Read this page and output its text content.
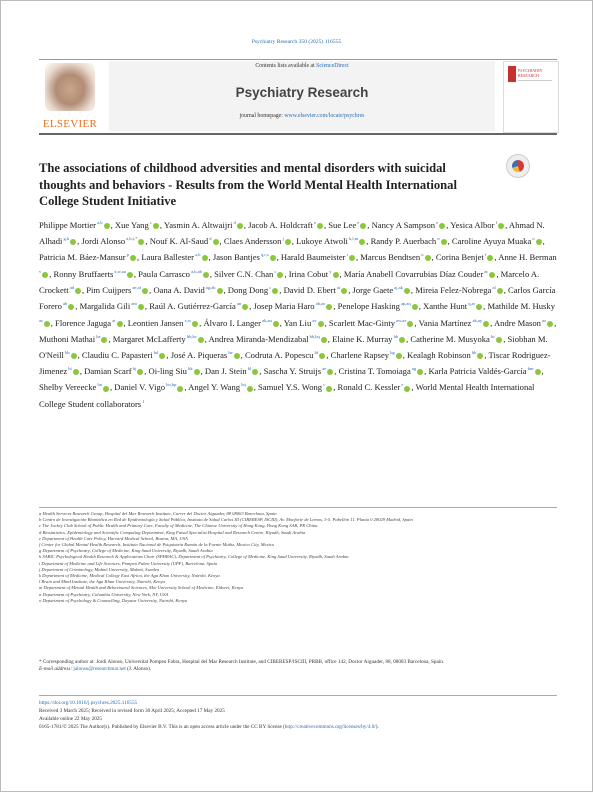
Psychiatry Research 350 (2025) 116555
ELSEVIER
Contents lists available at ScienceDirect
Psychiatry Research
journal homepage: www.elsevier.com/locate/psychres
PSYCHIATRY RESEARCH
The associations of childhood adversities and mental disorders with suicidal thoughts and behaviors - Results from the World Mental Health International College Student Initiative

Philippe Mortier $^{a,b}$ , Xue Yang $^c$ , Yasmin A. Altwaijri $^d$ , Jacob A. Holdcraft $^e$ , Sue Lee $^e$ , Nancy A Sampson $^e$ , Yesica Albor $^f$ , Ahmad N. Alhadi $^{g,h}$ , Jordi Alonso $^{a,b,i,*}$ , Nouf K. Al-Saud $^d$ , Claes Andersson $^j$ , Lukoye Atwoli $^{k,l,m}$ , Randy P. Auerbach $^n$ , Caroline Ayuya Muaka $^o$ , Patricia M. Báez-Mansur $^p$ , Laura Ballester $^{a,b}$ , Jason Bantjes $^{q,r,s}$ , Harald Baumeister $^t$ , Marcus Bendtsen $^u$ , Corina Benjet $^f$ , Anne H. Berman $^v$ , Ronny Bruffaerts $^{x,w,aa}$ , Paula Carrasco $^{a,b,ab}$ , Silver C.N. Chan $^c$ , Irina Cobut $^y$ , María Anabell Covarrubias Díaz Couder $^{ac}$ , Marcelo A. Crockett $^{ad}$ , Pim Cuijpers $^{ae,af}$ , Oana A. David $^{ag,ah}$ , Dong Dong $^c$ , David D. Ebert $^{ai}$ , Jorge Gaete $^{aj,ak}$ , Mireia Felez-Nobrega $^{al}$ , Carlos García Forero $^{ab}$ , Margalida Gili $^{am}$ , Raúl A. Gutiérrez-García $^{an}$ , Josep Maria Haro $^{ab,ao}$ , Penelope Hasking $^{ap,aq}$ , Xanthe Hunt $^{q,ar}$ , Mathilde M. Husky $^{as}$ , Florence Jaguga $^{at}$ , Leontien Jansen $^{x,w}$ , Álvaro I. Langer $^{ak,au}$ , Yan Liu $^{av}$ , Scarlett Mac-Ginty $^{aw,ax}$ , Vania Martínez $^{ak,ay}$ , Andre Mason $^{az}$ , Muthoni Mathai $^{ba}$ , Margaret McLafferty $^{bb,bc}$ , Andrea Miranda-Mendizabal $^{bb,bq}$ , Elaine K. Murray $^{bb}$ , Catherine M. Musyoka $^{bc}$ , Siobhan M. O'Neill $^{bb}$ , Claudiu C. Papasteri $^{bd}$ , José A. Piqueras $^{be}$ , Codruta A. Popescu $^{bf}$ , Charlene Rapsey $^{bg}$ , Kealagh Robinson $^{bh}$ , Tiscar Rodriguez-Jimenez $^{bi}$ , Damian Scarf $^{bj}$ , Oi-ling Siu $^{bk}$ , Dan J. Stein $^{bl}$ , Sascha Y. Struijs $^{ae}$ , Cristina T. Tomoiaga $^{ag}$ , Karla Patricia Valdés-García $^{bm}$ , Shelby Vereecke $^{bn}$ , Daniel V. Vigo $^{bo,bp}$ , Angel Y. Wang $^{bq}$ , Samuel Y.S. Wong $^c$ , Ronald C. Kessler $^e$ , World Mental Health International College Student collaborators $^1$

a Health Services Research Group, Hospital del Mar Research Institute, Carrer del Doctor Aiguader, 88 08003 Barcelona, Spain
b Centro de Investigación Biomédica en Red de Epidemiología y Salud Pública, Instituto de Salud Carlos III (CIBERESP, ISCIII), Av. Monforte de Lemos, 3-5. Pabellón 11. Planta 0 28029 Madrid, Spain
c The Jockey Club School of Public Health and Primary Care, Faculty of Medicine, The Chinese University of Hong Kong, Hong Kong SAR, PR China
d Biostatistics, Epidemiology and Scientific Computing Department, King Faisal Specialist Hospital and Research Centre, Riyadh, Saudi Arabia
e Department of Health Care Policy, Harvard Medical School, Boston, MA, USA
f Center for Global Mental Health Research, Instituto Nacional de Psiquiatría Ramón de la Fuente Muñiz, Mexico City, Mexico
g Department of Psychiatry, College of Medicine, King Saud University, Riyadh, Saudi Arabia
h SABIC Psychological Health Research & Applications Chair (SPHRAC), Department of Psychiatry, College of Medicine, King Saud University, Riyadh, Saudi Arabia
i Department of Medicine and Life Sciences, Pompeu Fabra University (UPF), Barcelona, Spain
j Department of Criminology, Malmö University, Malmö, Sweden
k Department of Medicine, Medical College East Africa, the Aga Khan University, Nairobi, Kenya
l Brain and Mind Institute, the Aga Khan University, Nairobi, Kenya
m Department of Mental Health and Behavioural Sciences, Moi University School of Medicine, Eldoret, Kenya
n Department of Psychiatry, Columbia University, New York, NY, USA
o Department of Psychology & Counselling, Daystar University, Nairobi, Kenya
* Corresponding author at: Jordi Alonso, Universitat Pompeu Fabra, Hospital del Mar Research Institute, and CIBERESP/ISCIII, PRBB, office 142, Doctor Aiguader, 88, 08003 Barcelona, Spain.
E-mail address: jalonso@researchmar.net (J. Alonso).
https://doi.org/10.1016/j.psychres.2025.116555
Received 3 March 2025; Received in revised form 30 April 2025; Accepted 17 May 2025
Available online 22 May 2025
0165-1781/© 2025 The Author(s). Published by Elsevier B.V. This is an open access article under the CC BY license (http://creativecommons.org/licenses/by/4.0/).
